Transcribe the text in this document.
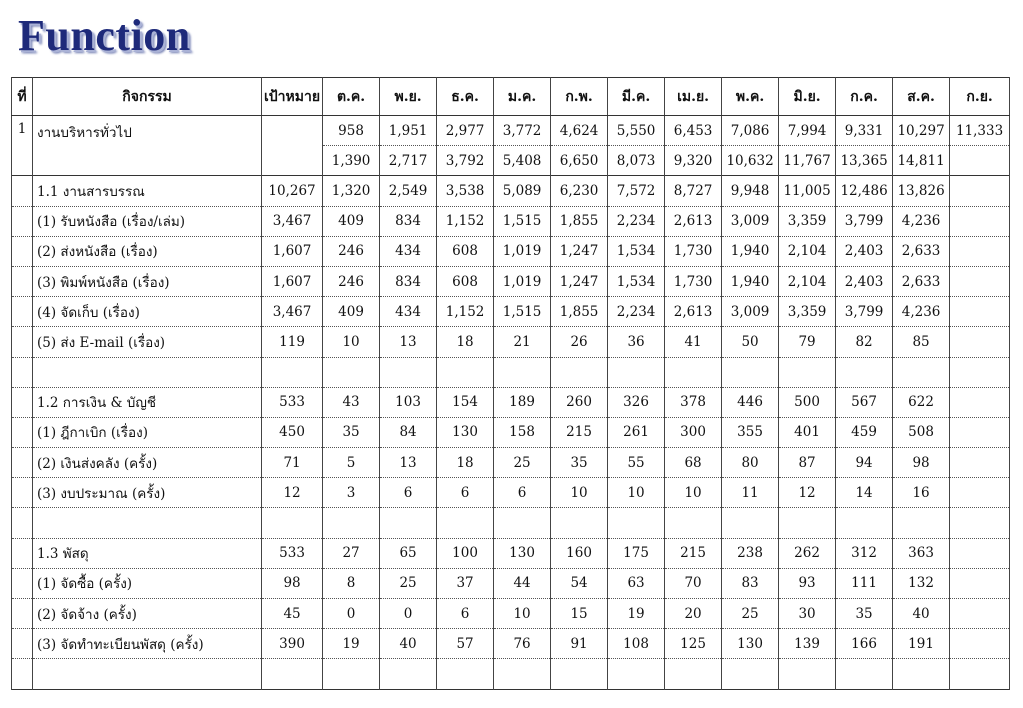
Function
ที่	กิจกรรม	เป้าหมาย	ต.ค.	พ.ย.	ธ.ค.	ม.ค.	ก.พ.	มี.ค.	เม.ย.	พ.ค.	มิ.ย.	ก.ค.	ส.ค.	ก.ย.
1	งานบริหารทั่วไป		958	1,951	2,977	3,772	4,624	5,550	6,453	7,086	7,994	9,331	10,297	11,333
			1,390	2,717	3,792	5,408	6,650	8,073	9,320	10,632	11,767	13,365	14,811	
	1.1 งานสารบรรณ	10,267	1,320	2,549	3,538	5,089	6,230	7,572	8,727	9,948	11,005	12,486	13,826	
	(1) รับหนังสือ (เรื่อง/เล่ม)	3,467	409	834	1,152	1,515	1,855	2,234	2,613	3,009	3,359	3,799	4,236	
	(2) ส่งหนังสือ (เรื่อง)	1,607	246	434	608	1,019	1,247	1,534	1,730	1,940	2,104	2,403	2,633	
	(3) พิมพ์หนังสือ (เรื่อง)	1,607	246	834	608	1,019	1,247	1,534	1,730	1,940	2,104	2,403	2,633	
	(4) จัดเก็บ (เรื่อง)	3,467	409	434	1,152	1,515	1,855	2,234	2,613	3,009	3,359	3,799	4,236	
	(5) ส่ง E-mail (เรื่อง)	119	10	13	18	21	26	36	41	50	79	82	85	

	1.2 การเงิน & บัญชี	533	43	103	154	189	260	326	378	446	500	567	622	
	(1) ฎีกาเบิก (เรื่อง)	450	35	84	130	158	215	261	300	355	401	459	508	
	(2) เงินส่งคลัง (ครั้ง)	71	5	13	18	25	35	55	68	80	87	94	98	
	(3) งบประมาณ (ครั้ง)	12	3	6	6	6	10	10	10	11	12	14	16	

	1.3 พัสดุ	533	27	65	100	130	160	175	215	238	262	312	363	
	(1) จัดซื้อ (ครั้ง)	98	8	25	37	44	54	63	70	83	93	111	132	
	(2) จัดจ้าง (ครั้ง)	45	0	0	6	10	15	19	20	25	30	35	40	
	(3) จัดทำทะเบียนพัสดุ (ครั้ง)	390	19	40	57	76	91	108	125	130	139	166	191	
